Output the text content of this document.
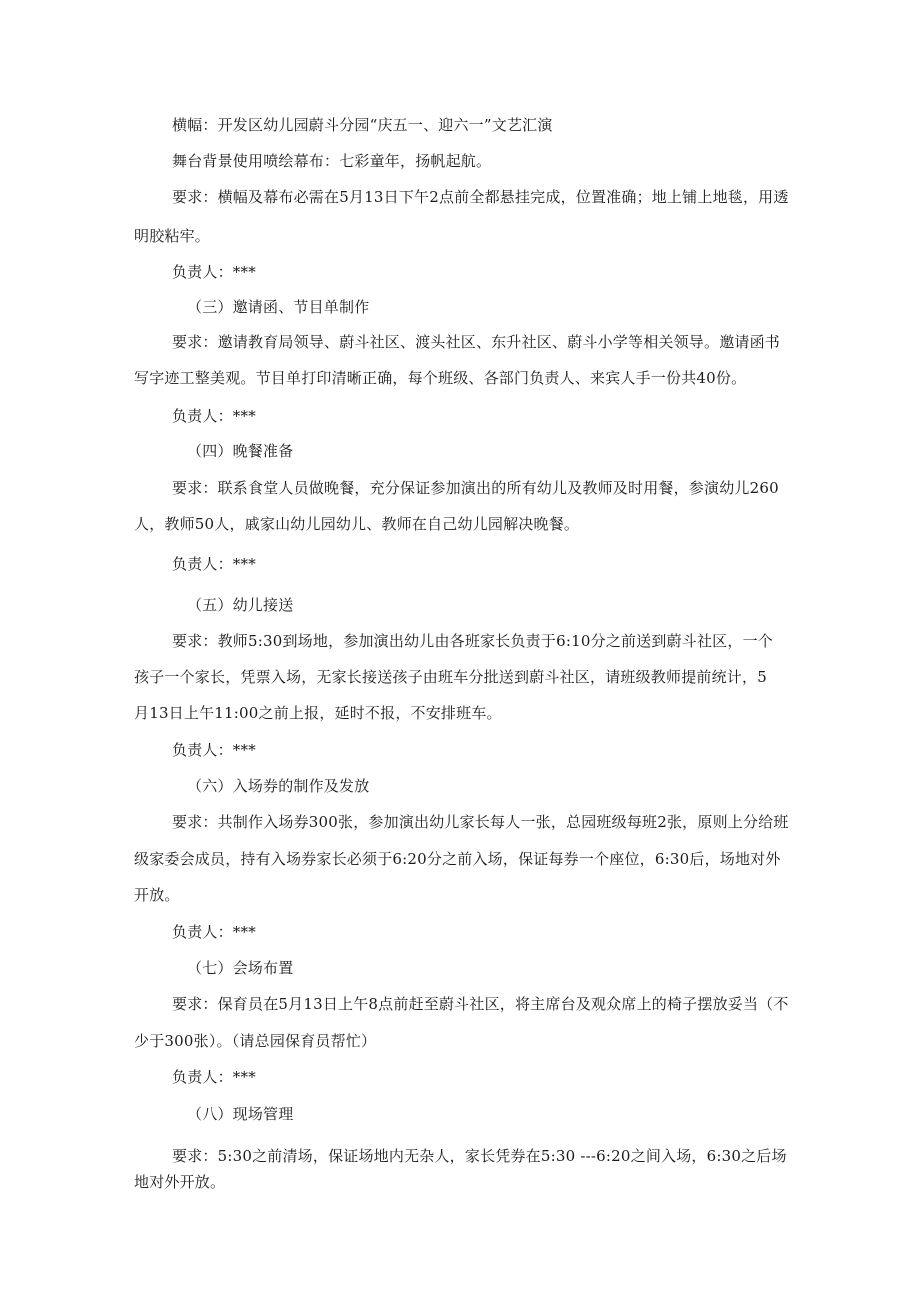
横幅：开发区幼儿园蔚斗分园“庆五一、迎六一”文艺汇演
舞台背景使用喷绘幕布：七彩童年，扬帆起航。
要求：横幅及幕布必需在5月13日下午2点前全都悬挂完成，位置准确；地上铺上地毯，用透
明胶粘牢。
负责人：***
（三）邀请函、节目单制作
要求：邀请教育局领导、蔚斗社区、渡头社区、东升社区、蔚斗小学等相关领导。邀请函书
写字迹工整美观。节目单打印清晰正确，每个班级、各部门负责人、来宾人手一份共40份。
负责人：***
（四）晚餐准备
要求：联系食堂人员做晚餐，充分保证参加演出的所有幼儿及教师及时用餐，参演幼儿260
人，教师50人，戚家山幼儿园幼儿、教师在自己幼儿园解决晚餐。
负责人：***
（五）幼儿接送
要求：教师5:30到场地，参加演出幼儿由各班家长负责于6:10分之前送到蔚斗社区，一个
孩子一个家长，凭票入场，无家长接送孩子由班车分批送到蔚斗社区，请班级教师提前统计，5
月13日上午11:00之前上报，延时不报，不安排班车。
负责人：***
（六）入场券的制作及发放
要求：共制作入场券300张，参加演出幼儿家长每人一张，总园班级每班2张，原则上分给班
级家委会成员，持有入场券家长必须于6:20分之前入场，保证每券一个座位，6:30后，场地对外
开放。
负责人：***
（七）会场布置
要求：保育员在5月13日上午8点前赶至蔚斗社区，将主席台及观众席上的椅子摆放妥当（不
少于300张）。（请总园保育员帮忙）
负责人：***
（八）现场管理
要求：5:30之前清场，保证场地内无杂人，家长凭券在5:30 ---6:20之间入场，6:30之后场
地对外开放。
